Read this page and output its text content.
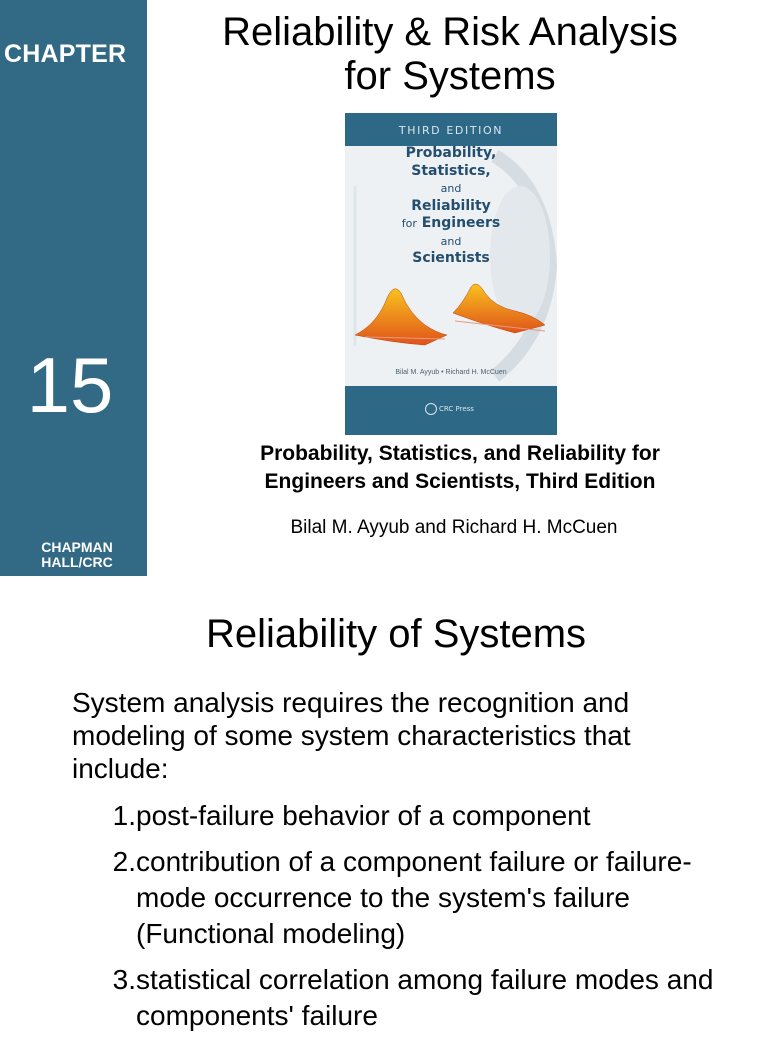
CHAPTER
15
CHAPMAN
HALL/CRC
Reliability & Risk Analysis
for Systems
THIRD EDITION
Probability,
Statistics,
and
Reliability
for Engineers
and
Scientists
Bilal M. Ayyub • Richard H. McCuen
CRC Press
Probability, Statistics, and Reliability for
Engineers and Scientists, Third Edition
Bilal M. Ayyub and Richard H. McCuen
Reliability of Systems
System analysis requires the recognition and modeling of some system characteristics that include:
1. post-failure behavior of a component
2. contribution of a component failure or failure-mode occurrence to the system's failure (Functional modeling)
3. statistical correlation among failure modes and components' failure
